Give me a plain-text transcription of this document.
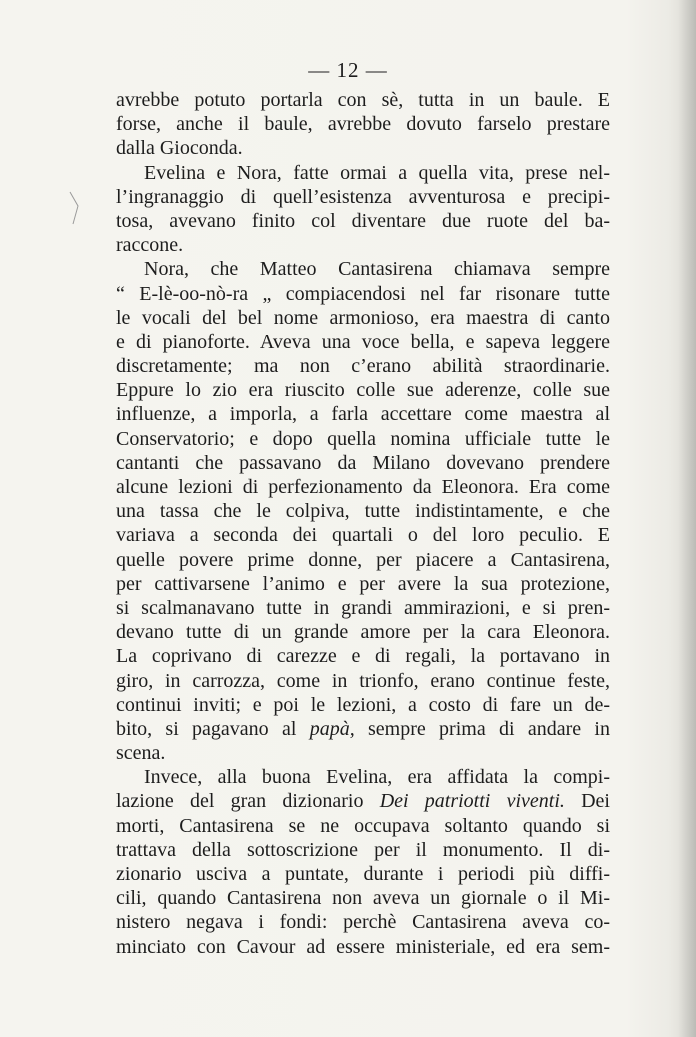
— 12 —
avrebbe potuto portarla con sè, tutta in un baule. E
forse, anche il baule, avrebbe dovuto farselo prestare
dalla Gioconda.
Evelina e Nora, fatte ormai a quella vita, prese nel-
l’ingranaggio di quell’esistenza avventurosa e precipi-
tosa, avevano finito col diventare due ruote del ba-
raccone.
Nora, che Matteo Cantasirena chiamava sempre
“ E-lè-oo-nò-ra „ compiacendosi nel far risonare tutte
le vocali del bel nome armonioso, era maestra di canto
e di pianoforte. Aveva una voce bella, e sapeva leggere
discretamente; ma non c’erano abilità straordinarie.
Eppure lo zio era riuscito colle sue aderenze, colle sue
influenze, a imporla, a farla accettare come maestra al
Conservatorio; e dopo quella nomina ufficiale tutte le
cantanti che passavano da Milano dovevano prendere
alcune lezioni di perfezionamento da Eleonora. Era come
una tassa che le colpiva, tutte indistintamente, e che
variava a seconda dei quartali o del loro peculio. E
quelle povere prime donne, per piacere a Cantasirena,
per cattivarsene l’animo e per avere la sua protezione,
si scalmanavano tutte in grandi ammirazioni, e si pren-
devano tutte di un grande amore per la cara Eleonora.
La coprivano di carezze e di regali, la portavano in
giro, in carrozza, come in trionfo, erano continue feste,
continui inviti; e poi le lezioni, a costo di fare un de-
bito, si pagavano al papà, sempre prima di andare in
scena.
Invece, alla buona Evelina, era affidata la compi-
lazione del gran dizionario Dei patriotti viventi. Dei
morti, Cantasirena se ne occupava soltanto quando si
trattava della sottoscrizione per il monumento. Il di-
zionario usciva a puntate, durante i periodi più diffi-
cili, quando Cantasirena non aveva un giornale o il Mi-
nistero negava i fondi: perchè Cantasirena aveva co-
minciato con Cavour ad essere ministeriale, ed era sem-
